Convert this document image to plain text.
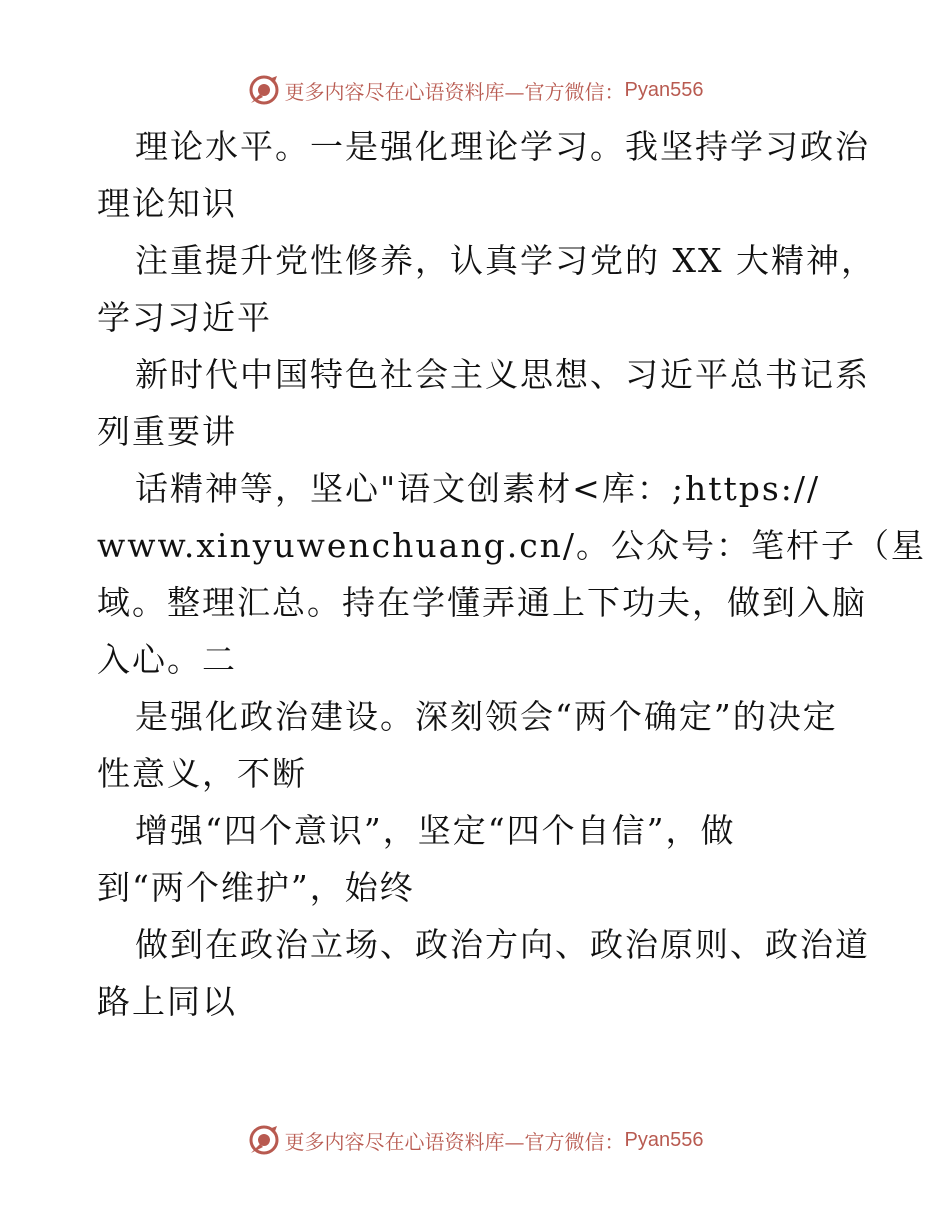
更多内容尽在心语资料库—官方微信： Pyan556
理论水平。一是强化理论学习。我坚持学习政治
理论知识
注重提升党性修养，认真学习党的 XX 大精神，
学习习近平
新时代中国特色社会主义思想、习近平总书记系
列重要讲
话精神等，坚心"语文创素材<库：;https://
www.xinyuwenchuang.cn/。公众号：笔杆子（星
域。整理汇总。持在学懂弄通上下功夫，做到入脑
入心。二
是强化政治建设。深刻领会“两个确定”的决定
性意义，不断
增强“四个意识”，坚定“四个自信”，做
到“两个维护”，始终
做到在政治立场、政治方向、政治原则、政治道
路上同以
更多内容尽在心语资料库—官方微信： Pyan556
